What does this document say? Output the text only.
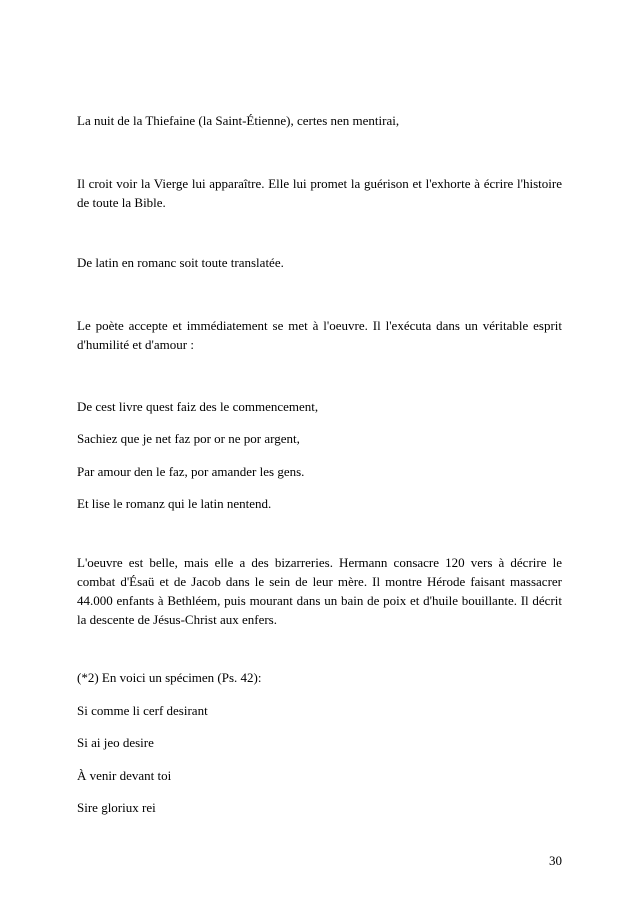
La nuit de la Thiefaine (la Saint-Étienne), certes nen mentirai,

Il croit voir la Vierge lui apparaître. Elle lui promet la guérison et l'exhorte à écrire l'histoire de toute la Bible.

De latin en romanc soit toute translatée.

Le poète accepte et immédiatement se met à l'oeuvre. Il l'exécuta dans un véritable esprit d'humilité et d'amour :

De cest livre quest faiz des le commencement,

Sachiez que je net faz por or ne por argent,

Par amour den le faz, por amander les gens.

Et lise le romanz qui le latin nentend.

L'oeuvre est belle, mais elle a des bizarreries. Hermann consacre 120 vers à décrire le combat d'Ésaü et de Jacob dans le sein de leur mère. Il montre Hérode faisant massacrer 44.000 enfants à Bethléem, puis mourant dans un bain de poix et d'huile bouillante. Il décrit la descente de Jésus-Christ aux enfers.

(*2) En voici un spécimen (Ps. 42):

Si comme li cerf desirant

Si ai jeo desire

À venir devant toi

Sire gloriux rei

30
